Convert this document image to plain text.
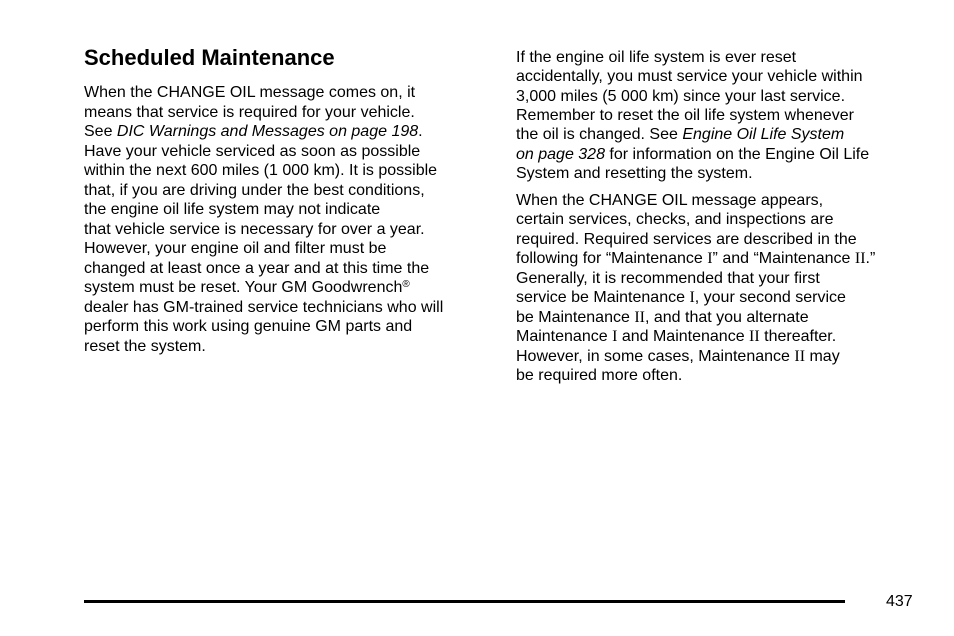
Scheduled Maintenance
When the CHANGE OIL message comes on, it
means that service is required for your vehicle.
See DIC Warnings and Messages on page 198.
Have your vehicle serviced as soon as possible
within the next 600 miles (1 000 km). It is possible
that, if you are driving under the best conditions,
the engine oil life system may not indicate
that vehicle service is necessary for over a year.
However, your engine oil and filter must be
changed at least once a year and at this time the
system must be reset. Your GM Goodwrench®
dealer has GM-trained service technicians who will
perform this work using genuine GM parts and
reset the system.
If the engine oil life system is ever reset
accidentally, you must service your vehicle within
3,000 miles (5 000 km) since your last service.
Remember to reset the oil life system whenever
the oil is changed. See Engine Oil Life System
on page 328 for information on the Engine Oil Life
System and resetting the system.
When the CHANGE OIL message appears,
certain services, checks, and inspections are
required. Required services are described in the
following for “Maintenance I” and “Maintenance II.”
Generally, it is recommended that your first
service be Maintenance I, your second service
be Maintenance II, and that you alternate
Maintenance I and Maintenance II thereafter.
However, in some cases, Maintenance II may
be required more often.
437
